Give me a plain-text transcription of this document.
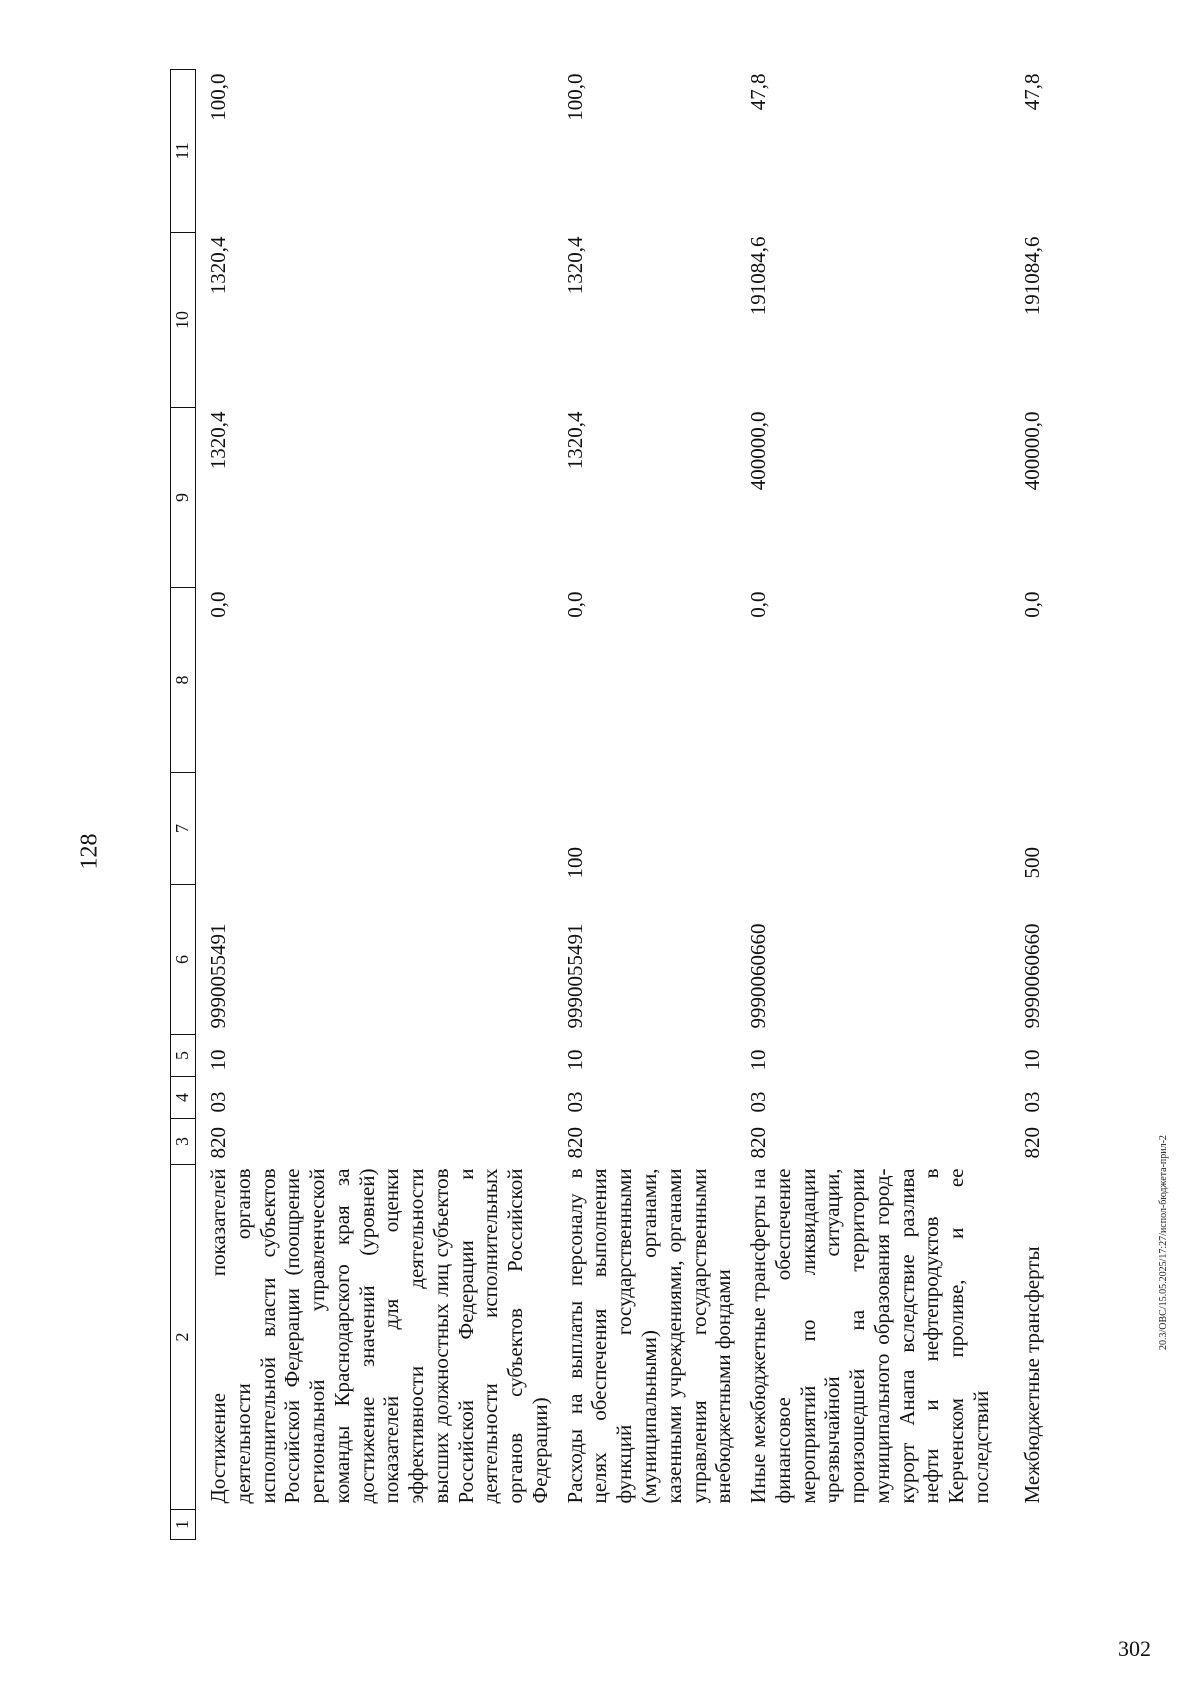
128
20.3/ОВС/15.05.2025/17:27/испол-бюджета-прил-2
302
1	2	3	4	5	6	7	8	9	10	11
	Достижение показателей деятельности органов исполнительной власти субъектов Российской Федерации (поощрение региональной управленческой команды Краснодарского края за достижение значений (уровней) показателей для оценки эффективности деятельности высших должностных лиц субъектов Российской Федерации и деятельности исполнительных органов субъектов Российской Федерации)	820	03	10	9990055491		0,0	1320,4	1320,4	100,0
	Расходы на выплаты персоналу в целях обеспечения выполнения функций государственными (муниципальными) органами, казенными учреждениями, органами управления государственными внебюджетными фондами	820	03	10	9990055491	100	0,0	1320,4	1320,4	100,0
	Иные межбюджетные трансферты на финансовое обеспечение мероприятий по ликвидации чрезвычайной ситуации, произошедшей на территории муниципального образования город-курорт Анапа вследствие разлива нефти и нефтепродуктов в Керченском проливе, и ее последствий	820	03	10	9990060660		0,0	400000,0	191084,6	47,8
	Межбюджетные трансферты	820	03	10	9990060660	500	0,0	400000,0	191084,6	47,8
